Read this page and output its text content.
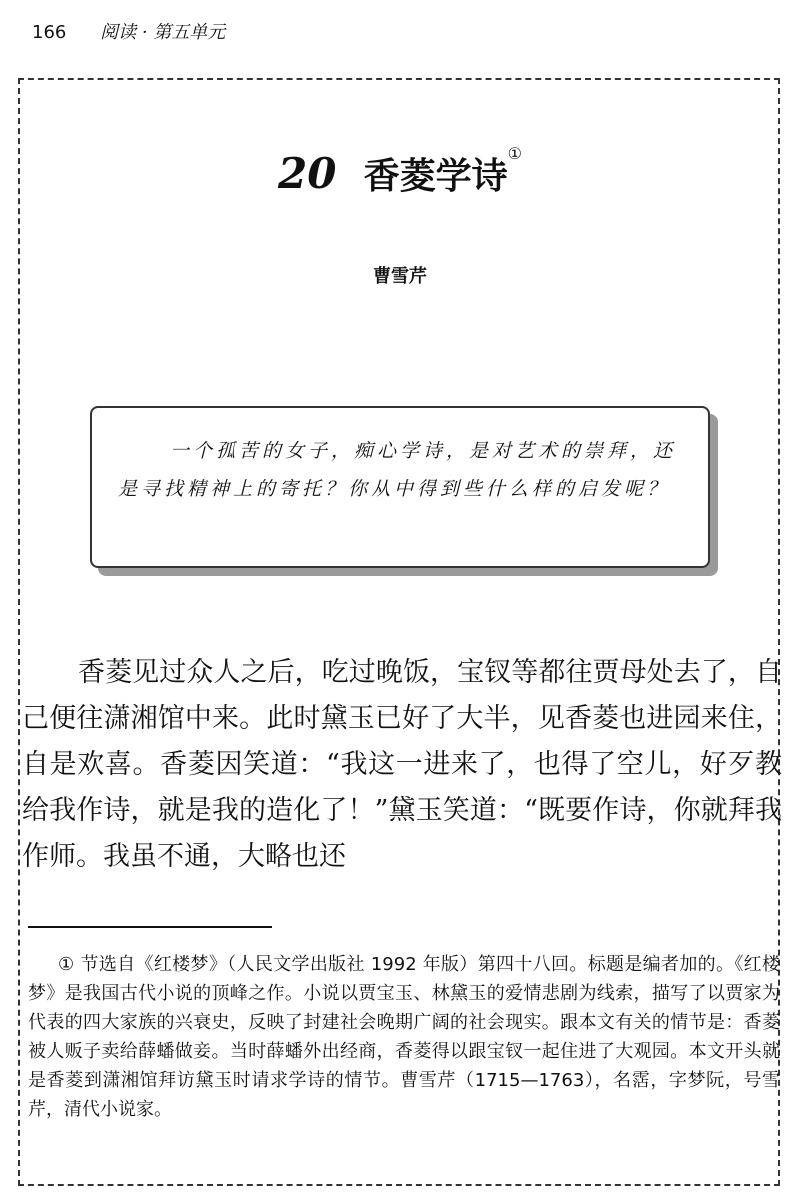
166 阅读 · 第五单元
20 香菱学诗①
曹雪芹

一个孤苦的女子，痴心学诗，是对艺术的崇拜，还是寻找精神上的寄托？你从中得到些什么样的启发呢？

香菱见过众人之后，吃过晚饭，宝钗等都往贾母处去了，自己便往潇湘馆中来。此时黛玉已好了大半，见香菱也进园来住，自是欢喜。香菱因笑道：“我这一进来了，也得了空儿，好歹教给我作诗，就是我的造化了！”黛玉笑道：“既要作诗，你就拜我作师。我虽不通，大略也还

① 节选自《红楼梦》（人民文学出版社 1992 年版）第四十八回。标题是编者加的。《红楼梦》是我国古代小说的顶峰之作。小说以贾宝玉、林黛玉的爱情悲剧为线索，描写了以贾家为代表的四大家族的兴衰史，反映了封建社会晚期广阔的社会现实。跟本文有关的情节是：香菱被人贩子卖给薛蟠做妾。当时薛蟠外出经商，香菱得以跟宝钗一起住进了大观园。本文开头就是香菱到潇湘馆拜访黛玉时请求学诗的情节。曹雪芹（1715—1763），名霑，字梦阮，号雪芹，清代小说家。
